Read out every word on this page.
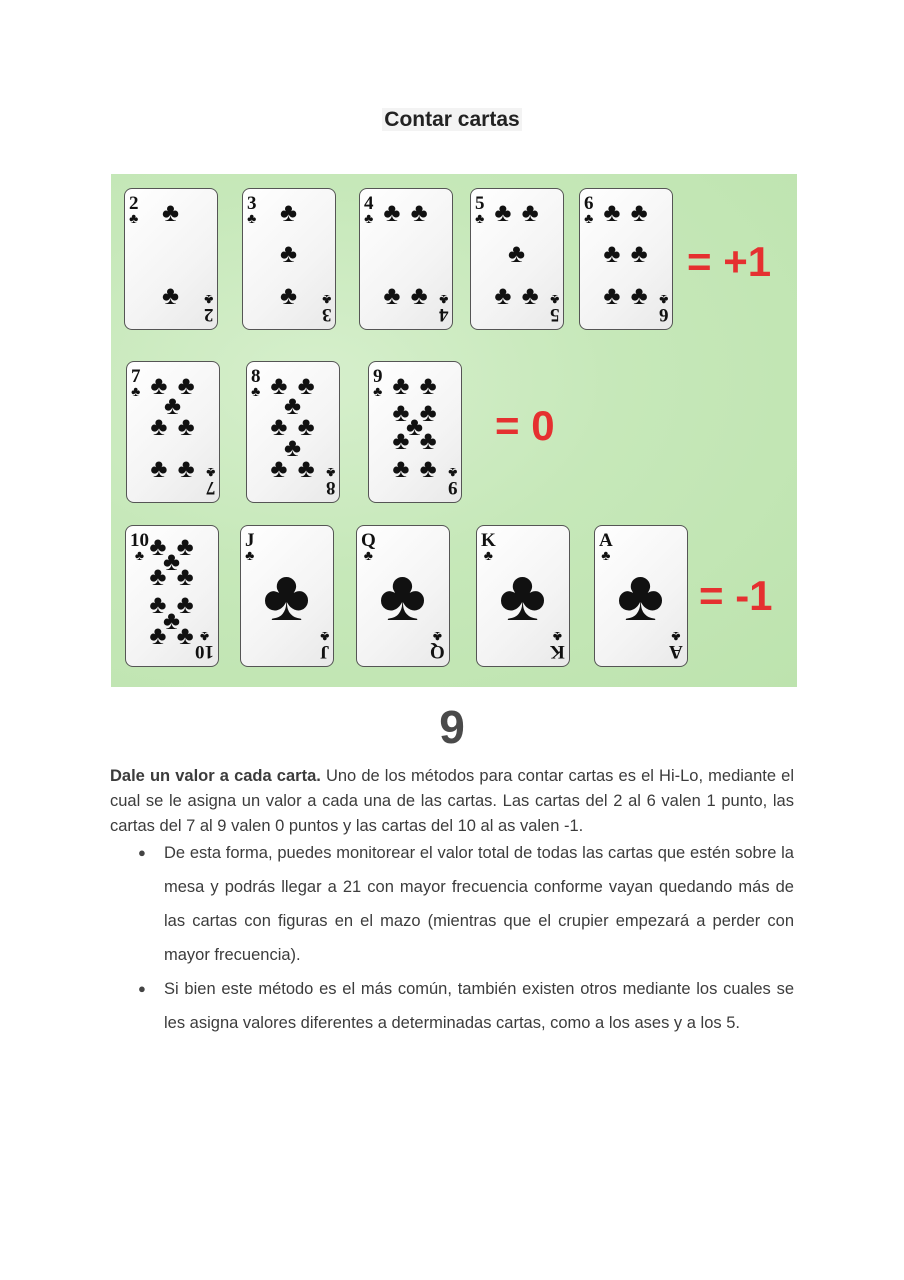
Contar cartas
2
♣
2
♣
♣
♣
3
♣
3
♣
♣
♣
♣
4
♣
4
♣
♣ ♣
♣ ♣
5
♣
5
♣
♣ ♣
♣
♣ ♣
6
♣
6
♣
♣ ♣
♣ ♣
♣ ♣
= +1
7
♣
7
♣
♣ ♣
♣
♣ ♣
♣ ♣
8
♣
8
♣
♣ ♣
♣
♣ ♣
♣
♣ ♣
9
♣
9
♣
♣ ♣
♣ ♣
♣
♣ ♣
♣ ♣
= 0
10
♣
10
♣
♣ ♣
♣
♣ ♣
♣ ♣
♣
♣ ♣
J
♣
J
♣
♣
Q
♣
Q
♣
♣
K
♣
K
♣
♣
A
♣
A
♣
♣ = -1
9
Dale un valor a cada carta. Uno de los métodos para contar cartas es el Hi-Lo, mediante el cual se le asigna un valor a cada una de las cartas. Las cartas del 2 al 6 valen 1 punto, las cartas del 7 al 9 valen 0 puntos y las cartas del 10 al as valen -1.
● De esta forma, puedes monitorear el valor total de todas las cartas que estén sobre la mesa y podrás llegar a 21 con mayor frecuencia conforme vayan quedando más de las cartas con figuras en el mazo (mientras que el crupier empezará a perder con mayor frecuencia).
● Si bien este método es el más común, también existen otros mediante los cuales se les asigna valores diferentes a determinadas cartas, como a los ases y a los 5.
